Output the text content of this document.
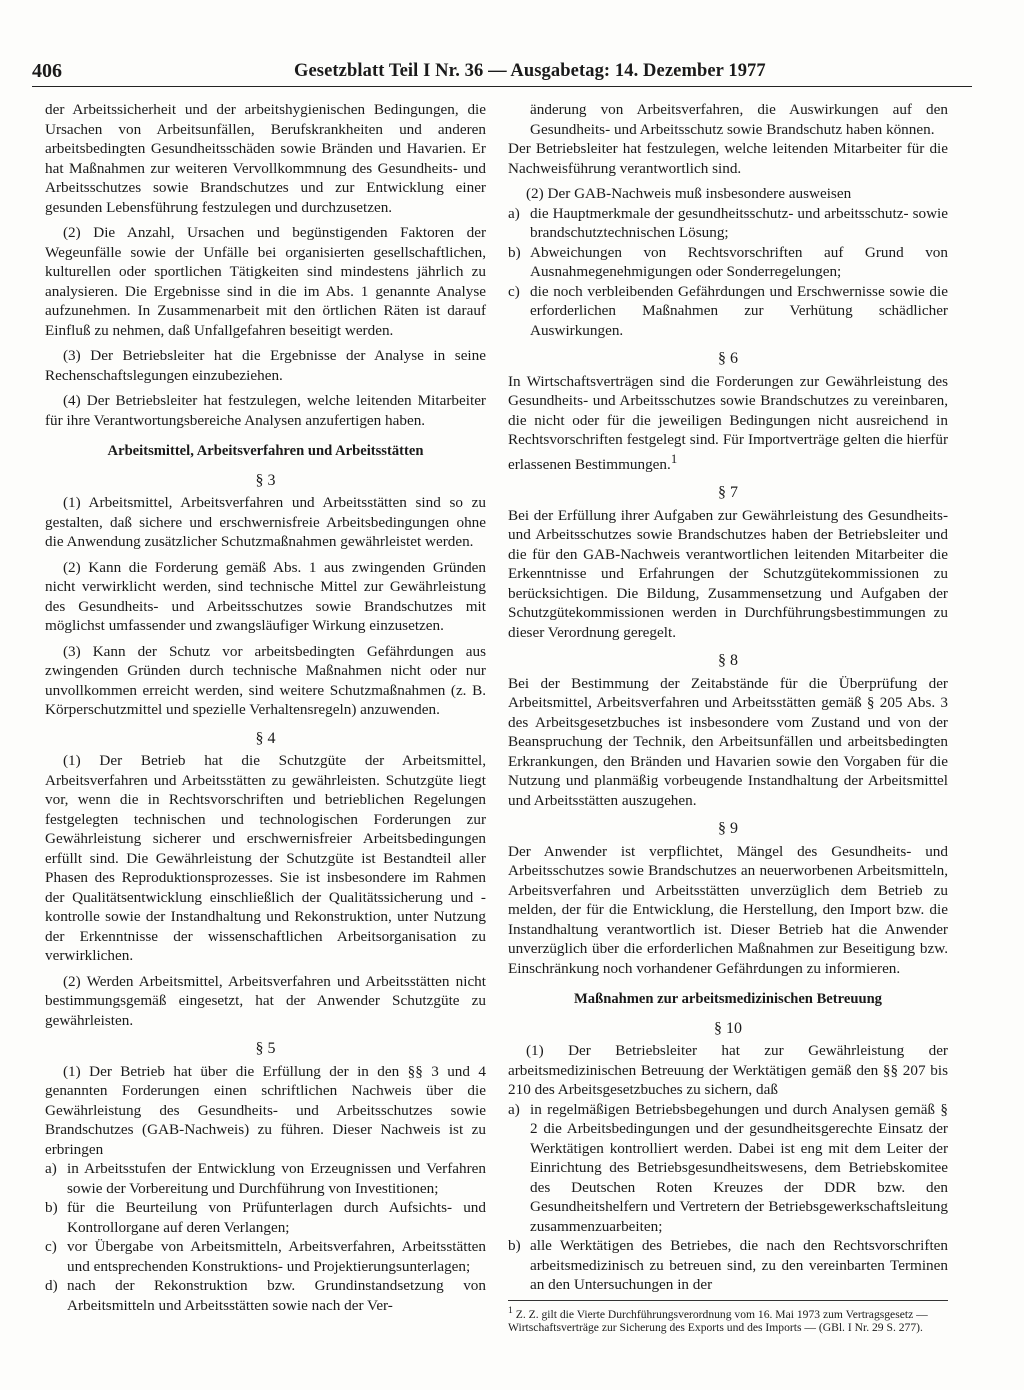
406	Gesetzblatt Teil I Nr. 36 — Ausgabetag: 14. Dezember 1977

der Arbeitssicherheit und der arbeitshygienischen Bedingungen, die Ursachen von Arbeitsunfällen, Berufskrankheiten und anderen arbeitsbedingten Gesundheitsschäden sowie Bränden und Havarien. Er hat Maßnahmen zur weiteren Vervollkommnung des Gesundheits- und Arbeitsschutzes sowie Brandschutzes und zur Entwicklung einer gesunden Lebensführung festzulegen und durchzusetzen.

(2) Die Anzahl, Ursachen und begünstigenden Faktoren der Wegeunfälle sowie der Unfälle bei organisierten gesellschaftlichen, kulturellen oder sportlichen Tätigkeiten sind mindestens jährlich zu analysieren. Die Ergebnisse sind in die im Abs. 1 genannte Analyse aufzunehmen. In Zusammenarbeit mit den örtlichen Räten ist darauf Einfluß zu nehmen, daß Unfallgefahren beseitigt werden.

(3) Der Betriebsleiter hat die Ergebnisse der Analyse in seine Rechenschaftslegungen einzubeziehen.

(4) Der Betriebsleiter hat festzulegen, welche leitenden Mitarbeiter für ihre Verantwortungsbereiche Analysen anzufertigen haben.

Arbeitsmittel, Arbeitsverfahren und Arbeitsstätten
§ 3

(1) Arbeitsmittel, Arbeitsverfahren und Arbeitsstätten sind so zu gestalten, daß sichere und erschwernisfreie Arbeitsbedingungen ohne die Anwendung zusätzlicher Schutzmaßnahmen gewährleistet werden.

(2) Kann die Forderung gemäß Abs. 1 aus zwingenden Gründen nicht verwirklicht werden, sind technische Mittel zur Gewährleistung des Gesundheits- und Arbeitsschutzes sowie Brandschutzes mit möglichst umfassender und zwangsläufiger Wirkung einzusetzen.

(3) Kann der Schutz vor arbeitsbedingten Gefährdungen aus zwingenden Gründen durch technische Maßnahmen nicht oder nur unvollkommen erreicht werden, sind weitere Schutzmaßnahmen (z. B. Körperschutzmittel und spezielle Verhaltensregeln) anzuwenden.

§ 4

(1) Der Betrieb hat die Schutzgüte der Arbeitsmittel, Arbeitsverfahren und Arbeitsstätten zu gewährleisten. Schutzgüte liegt vor, wenn die in Rechtsvorschriften und betrieblichen Regelungen festgelegten technischen und technologischen Forderungen zur Gewährleistung sicherer und erschwernisfreier Arbeitsbedingungen erfüllt sind. Die Gewährleistung der Schutzgüte ist Bestandteil aller Phasen des Reproduktionsprozesses. Sie ist insbesondere im Rahmen der Qualitätsentwicklung einschließlich der Qualitätssicherung und -kontrolle sowie der Instandhaltung und Rekonstruktion, unter Nutzung der Erkenntnisse der wissenschaftlichen Arbeitsorganisation zu verwirklichen.

(2) Werden Arbeitsmittel, Arbeitsverfahren und Arbeitsstätten nicht bestimmungsgemäß eingesetzt, hat der Anwender Schutzgüte zu gewährleisten.

§ 5

(1) Der Betrieb hat über die Erfüllung der in den §§ 3 und 4 genannten Forderungen einen schriftlichen Nachweis über die Gewährleistung des Gesundheits- und Arbeitsschutzes sowie Brandschutzes (GAB-Nachweis) zu führen. Dieser Nachweis ist zu erbringen

a) in Arbeitsstufen der Entwicklung von Erzeugnissen und Verfahren sowie der Vorbereitung und Durchführung von Investitionen;
b) für die Beurteilung von Prüfunterlagen durch Aufsichts- und Kontrollorgane auf deren Verlangen;
c) vor Übergabe von Arbeitsmitteln, Arbeitsverfahren, Arbeitsstätten und entsprechenden Konstruktions- und Projektierungsunterlagen;
d) nach der Rekonstruktion bzw. Grundinstandsetzung von Arbeitsmitteln und Arbeitsstätten sowie nach der Ver-
änderung von Arbeitsverfahren, die Auswirkungen auf den Gesundheits- und Arbeitsschutz sowie Brandschutz haben können.

Der Betriebsleiter hat festzulegen, welche leitenden Mitarbeiter für die Nachweisführung verantwortlich sind.

(2) Der GAB-Nachweis muß insbesondere ausweisen

a) die Hauptmerkmale der gesundheitsschutz- und arbeitsschutz- sowie brandschutztechnischen Lösung;
b) Abweichungen von Rechtsvorschriften auf Grund von Ausnahmegenehmigungen oder Sonderregelungen;
c) die noch verbleibenden Gefährdungen und Erschwernisse sowie die erforderlichen Maßnahmen zur Verhütung schädlicher Auswirkungen.
§ 6

In Wirtschaftsverträgen sind die Forderungen zur Gewährleistung des Gesundheits- und Arbeitsschutzes sowie Brandschutzes zu vereinbaren, die nicht oder für die jeweiligen Bedingungen nicht ausreichend in Rechtsvorschriften festgelegt sind. Für Importverträge gelten die hierfür erlassenen Bestimmungen.$^1$

§ 7

Bei der Erfüllung ihrer Aufgaben zur Gewährleistung des Gesundheits- und Arbeitsschutzes sowie Brandschutzes haben der Betriebsleiter und die für den GAB-Nachweis verantwortlichen leitenden Mitarbeiter die Erkenntnisse und Erfahrungen der Schutzgütekommissionen zu berücksichtigen. Die Bildung, Zusammensetzung und Aufgaben der Schutzgütekommissionen werden in Durchführungsbestimmungen zu dieser Verordnung geregelt.

§ 8

Bei der Bestimmung der Zeitabstände für die Überprüfung der Arbeitsmittel, Arbeitsverfahren und Arbeitsstätten gemäß § 205 Abs. 3 des Arbeitsgesetzbuches ist insbesondere vom Zustand und von der Beanspruchung der Technik, den Arbeitsunfällen und arbeitsbedingten Erkrankungen, den Bränden und Havarien sowie den Vorgaben für die Nutzung und planmäßig vorbeugende Instandhaltung der Arbeitsmittel und Arbeitsstätten auszugehen.

§ 9

Der Anwender ist verpflichtet, Mängel des Gesundheits- und Arbeitsschutzes sowie Brandschutzes an neuerworbenen Arbeitsmitteln, Arbeitsverfahren und Arbeitsstätten unverzüglich dem Betrieb zu melden, der für die Entwicklung, die Herstellung, den Import bzw. die Instandhaltung verantwortlich ist. Dieser Betrieb hat die Anwender unverzüglich über die erforderlichen Maßnahmen zur Beseitigung bzw. Einschränkung noch vorhandener Gefährdungen zu informieren.

Maßnahmen zur arbeitsmedizinischen Betreuung
§ 10

(1) Der Betriebsleiter hat zur Gewährleistung der arbeitsmedizinischen Betreuung der Werktätigen gemäß den §§ 207 bis 210 des Arbeitsgesetzbuches zu sichern, daß

a) in regelmäßigen Betriebsbegehungen und durch Analysen gemäß § 2 die Arbeitsbedingungen und der gesundheitsgerechte Einsatz der Werktätigen kontrolliert werden. Dabei ist eng mit dem Leiter der Einrichtung des Betriebsgesundheitswesens, dem Betriebskomitee des Deutschen Roten Kreuzes der DDR bzw. den Gesundheitshelfern und Vertretern der Betriebsgewerkschaftsleitung zusammenzuarbeiten;
b) alle Werktätigen des Betriebes, die nach den Rechtsvorschriften arbeitsmedizinisch zu betreuen sind, zu den vereinbarten Terminen an den Untersuchungen in der
$^1$ Z. Z. gilt die Vierte Durchführungsverordnung vom 16. Mai 1973 zum Vertragsgesetz — Wirtschaftsverträge zur Sicherung des Exports und des Imports — (GBl. I Nr. 29 S. 277).
